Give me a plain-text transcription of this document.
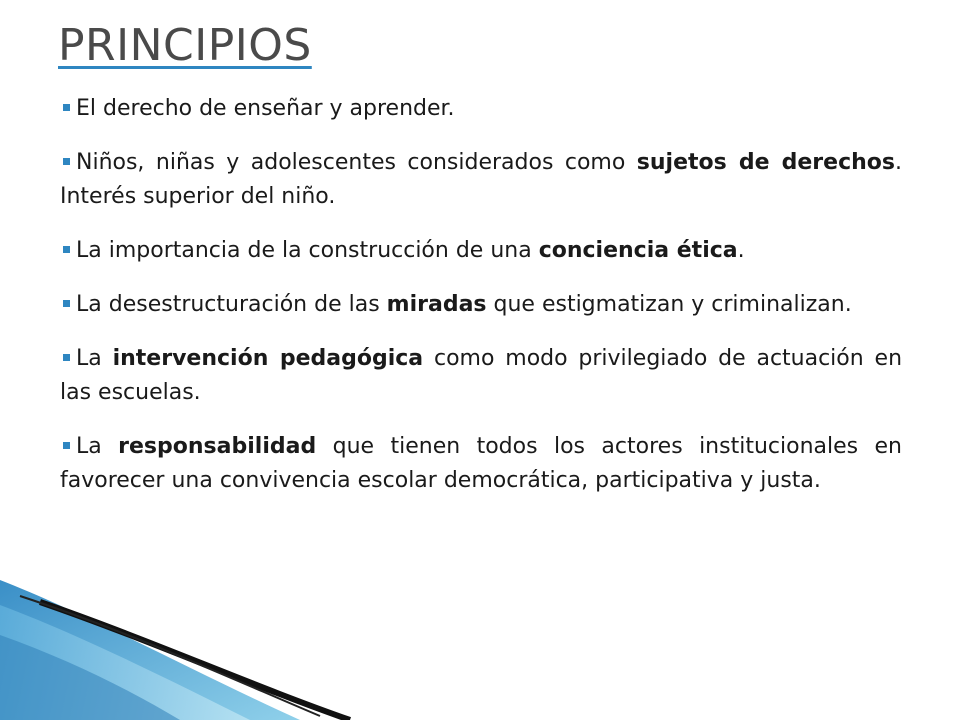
PRINCIPIOS

El derecho de enseñar y aprender.

Niños, niñas y adolescentes considerados como sujetos de derechos. Interés superior del niño.

La importancia de la construcción de una conciencia ética.

La desestructuración de las miradas que estigmatizan y criminalizan.

La intervención pedagógica como modo privilegiado de actuación en las escuelas.

La responsabilidad que tienen todos los actores institucionales en favorecer una convivencia escolar democrática, participativa y justa.
